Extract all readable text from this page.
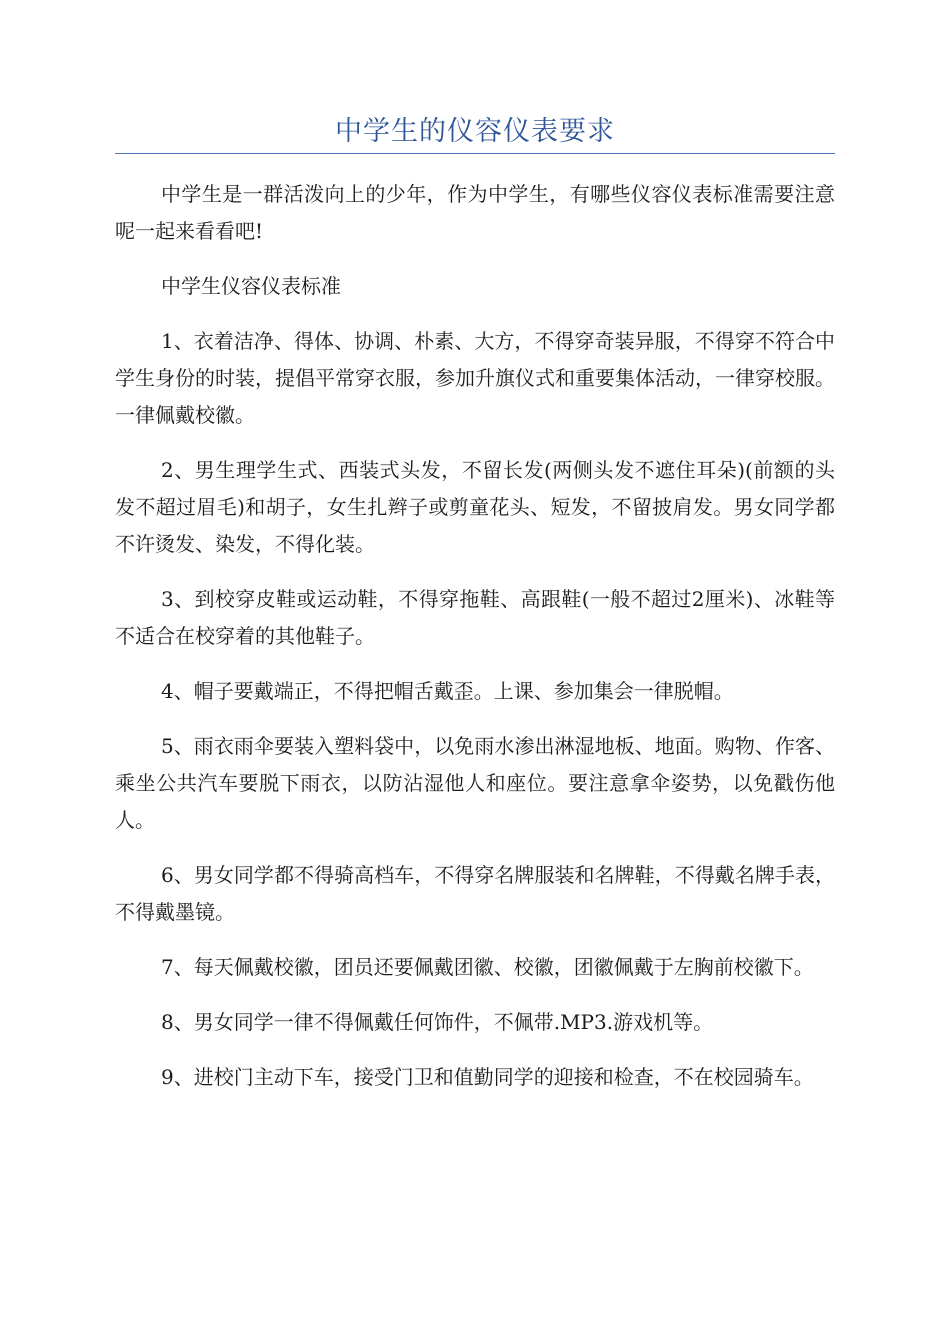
中学生的仪容仪表要求

中学生是一群活泼向上的少年，作为中学生，有哪些仪容仪表标准需要注意呢一起来看看吧!

中学生仪容仪表标准

1、衣着洁净、得体、协调、朴素、大方，不得穿奇装异服，不得穿不符合中学生身份的时装，提倡平常穿衣服，参加升旗仪式和重要集体活动，一律穿校服。一律佩戴校徽。

2、男生理学生式、西装式头发，不留长发(两侧头发不遮住耳朵)(前额的头发不超过眉毛)和胡子，女生扎辫子或剪童花头、短发，不留披肩发。男女同学都不许烫发、染发，不得化装。

3、到校穿皮鞋或运动鞋，不得穿拖鞋、高跟鞋(一般不超过2厘米)、冰鞋等不适合在校穿着的其他鞋子。

4、帽子要戴端正，不得把帽舌戴歪。上课、参加集会一律脱帽。

5、雨衣雨伞要装入塑料袋中，以免雨水渗出淋湿地板、地面。购物、作客、乘坐公共汽车要脱下雨衣，以防沾湿他人和座位。要注意拿伞姿势，以免戳伤他人。

6、男女同学都不得骑高档车，不得穿名牌服装和名牌鞋，不得戴名牌手表，不得戴墨镜。

7、每天佩戴校徽，团员还要佩戴团徽、校徽，团徽佩戴于左胸前校徽下。

8、男女同学一律不得佩戴任何饰件，不佩带.MP3.游戏机等。

9、进校门主动下车，接受门卫和值勤同学的迎接和检查，不在校园骑车。
